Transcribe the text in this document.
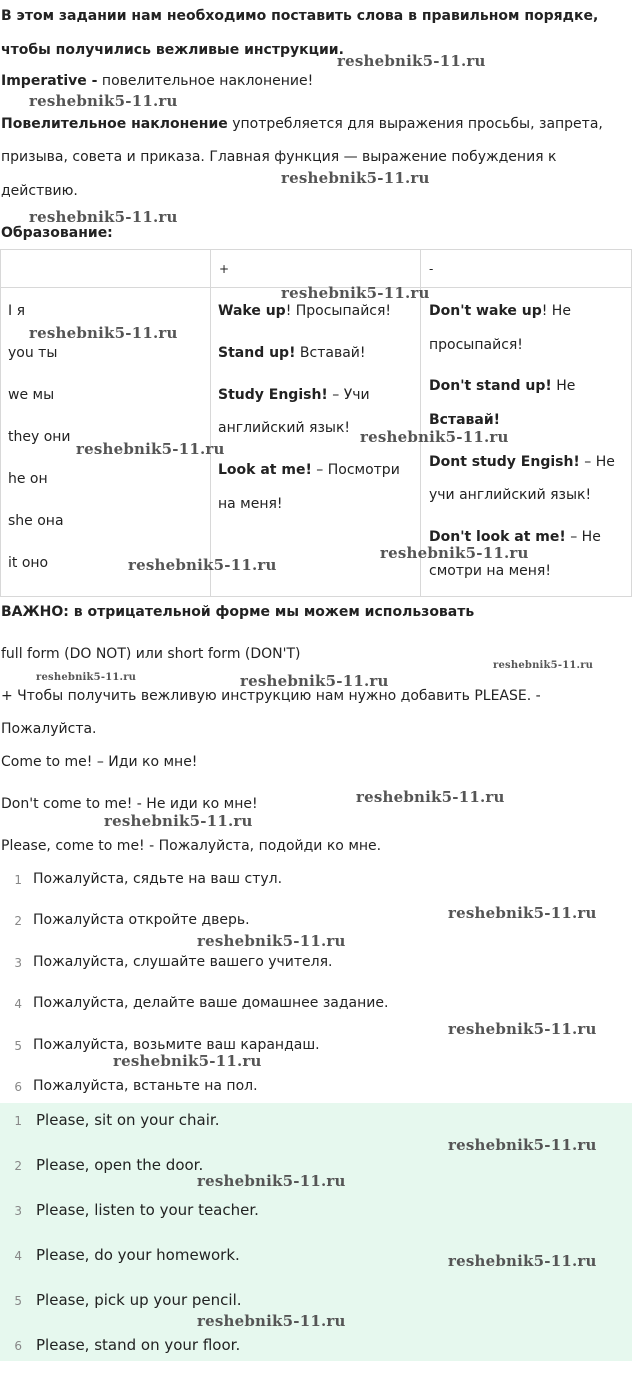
В этом задании нам необходимо поставить слова в правильном порядке,
чтобы получились вежливые инструкции.
Imperative - повелительное наклонение!
Повелительное наклонение употребляется для выражения просьбы, запрета,
призыва, совета и приказа. Главная функция — выражение побуждения к
действию.
Образование:
+	-
I я
you ты
we мы
they они
he он
she она
it оно
Wake up! Просыпайся!
Stand up! Вставай!
Study Engish! – Учи
английский язык!
Look at me! – Посмотри
на меня!
Don't wake up! Не
просыпайся!
Don't stand up! Не
Вставай!
Dont study Engish! – Не
учи английский язык!
Don't look at me! – Не
смотри на меня!
ВАЖНО: в отрицательной форме мы можем использовать
full form (DO NOT) или short form (DON'T)
+ Чтобы получить вежливую инструкцию нам нужно добавить PLEASE. -
Пожалуйста.
Come to me! – Иди ко мне!
Don't come to me! - Не иди ко мне!
Please, come to me! - Пожалуйста, подойди ко мне.
1 Пожалуйста, сядьте на ваш стул.
2 Пожалуйста откройте дверь.
3 Пожалуйста, слушайте вашего учителя.
4 Пожалуйста, делайте ваше домашнее задание.
5 Пожалуйста, возьмите ваш карандаш.
6 Пожалуйста, встаньте на пол.
1 Please, sit on your chair.
2 Please, open the door.
3 Please, listen to your teacher.
4 Please, do your homework.
5 Please, pick up your pencil.
6 Please, stand on your floor.
reshebnik5-11.ru
reshebnik5-11.ru
reshebnik5-11.ru
reshebnik5-11.ru
reshebnik5-11.ru
reshebnik5-11.ru
reshebnik5-11.ru
reshebnik5-11.ru
reshebnik5-11.ru
reshebnik5-11.ru
reshebnik5-11.ru	reshebnik5-11.ru
reshebnik5-11.ru
reshebnik5-11.ru
reshebnik5-11.ru
reshebnik5-11.ru
reshebnik5-11.ru
reshebnik5-11.ru
reshebnik5-11.ru
reshebnik5-11.ru
reshebnik5-11.ru
reshebnik5-11.ru
reshebnik5-11.ru
